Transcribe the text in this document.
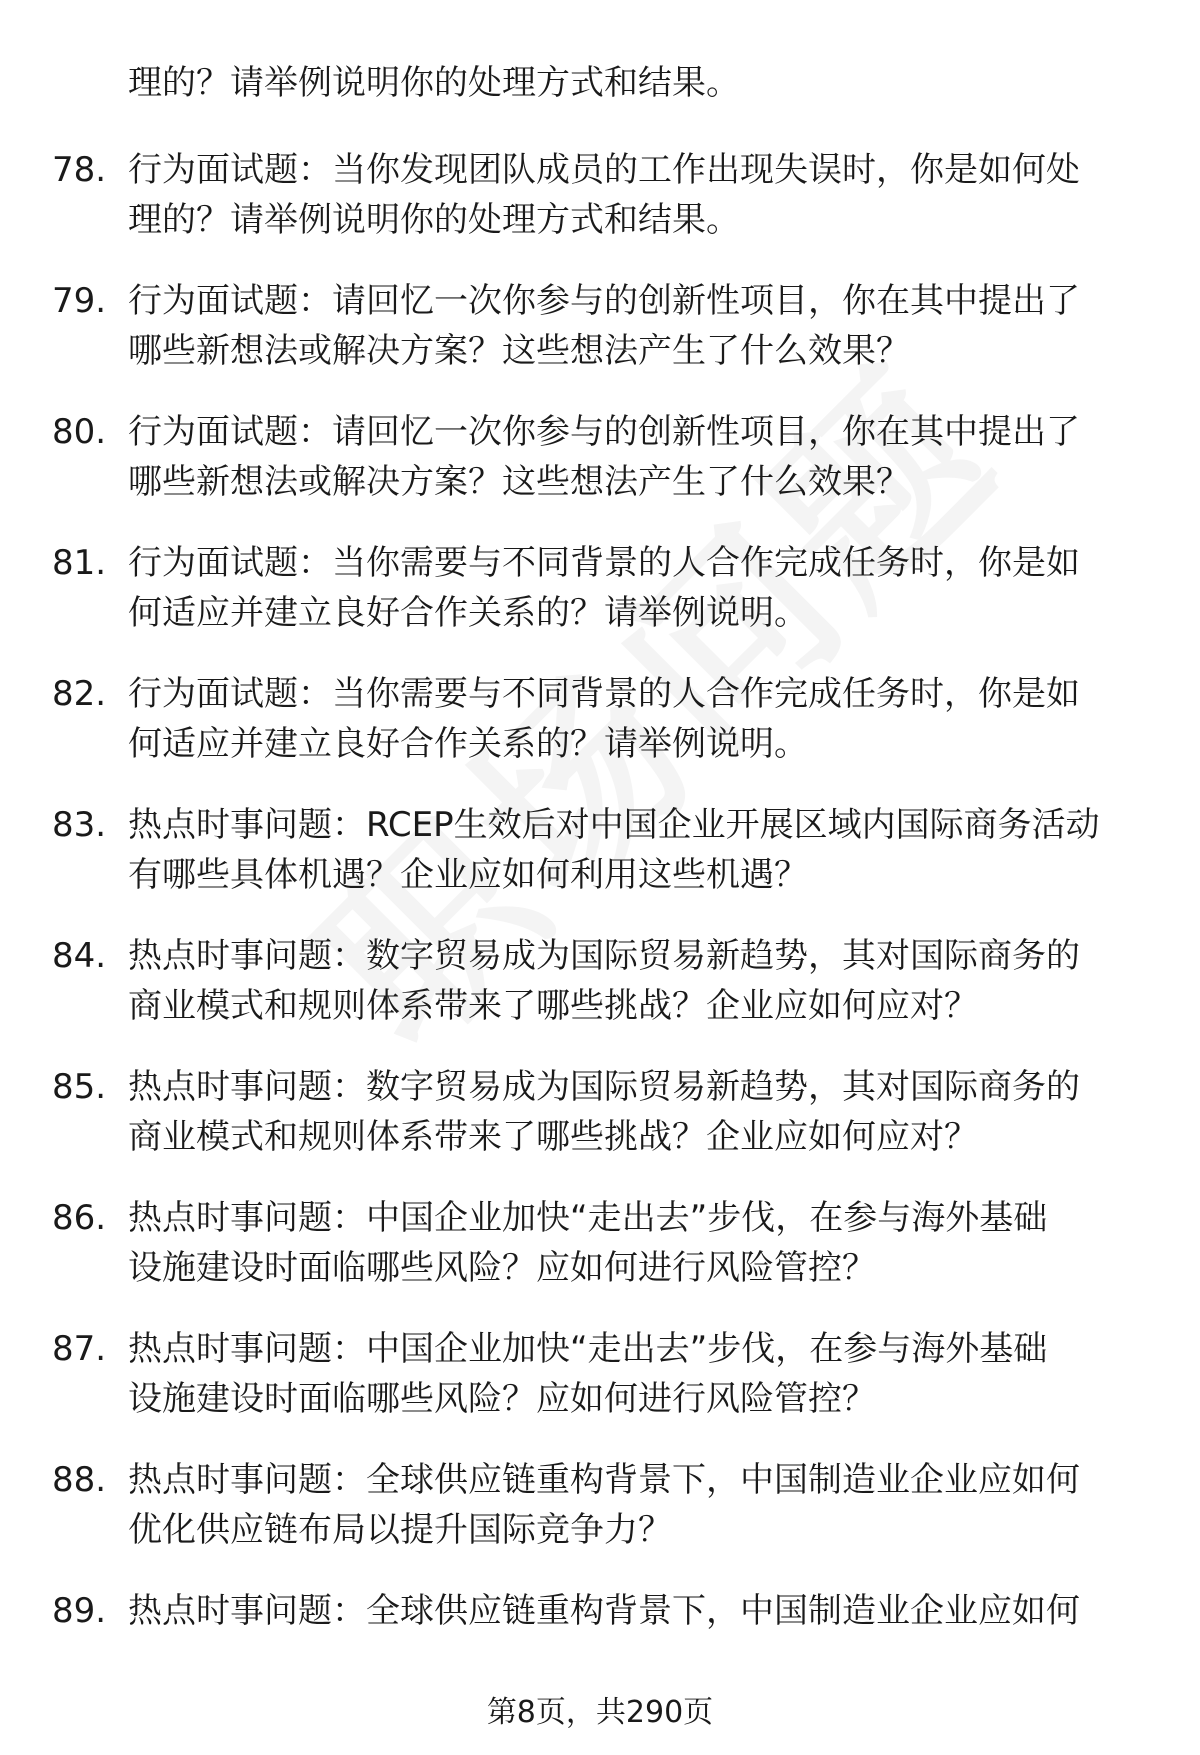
理的？请举例说明你的处理方式和结果。
78. 行为面试题：当你发现团队成员的工作出现失误时，你是如何处
理的？请举例说明你的处理方式和结果。
79. 行为面试题：请回忆一次你参与的创新性项目，你在其中提出了
哪些新想法或解决方案？这些想法产生了什么效果？
80. 行为面试题：请回忆一次你参与的创新性项目，你在其中提出了
哪些新想法或解决方案？这些想法产生了什么效果？
81. 行为面试题：当你需要与不同背景的人合作完成任务时，你是如
何适应并建立良好合作关系的？请举例说明。
82. 行为面试题：当你需要与不同背景的人合作完成任务时，你是如
何适应并建立良好合作关系的？请举例说明。
83. 热点时事问题：RCEP生效后对中国企业开展区域内国际商务活动
有哪些具体机遇？企业应如何利用这些机遇？
84. 热点时事问题：数字贸易成为国际贸易新趋势，其对国际商务的
商业模式和规则体系带来了哪些挑战？企业应如何应对？
85. 热点时事问题：数字贸易成为国际贸易新趋势，其对国际商务的
商业模式和规则体系带来了哪些挑战？企业应如何应对？
86. 热点时事问题：中国企业加快“走出去”步伐，在参与海外基础
设施建设时面临哪些风险？应如何进行风险管控？
87. 热点时事问题：中国企业加快“走出去”步伐，在参与海外基础
设施建设时面临哪些风险？应如何进行风险管控？
88. 热点时事问题：全球供应链重构背景下，中国制造业企业应如何
优化供应链布局以提升国际竞争力？
89. 热点时事问题：全球供应链重构背景下，中国制造业企业应如何
第8页，共290页
